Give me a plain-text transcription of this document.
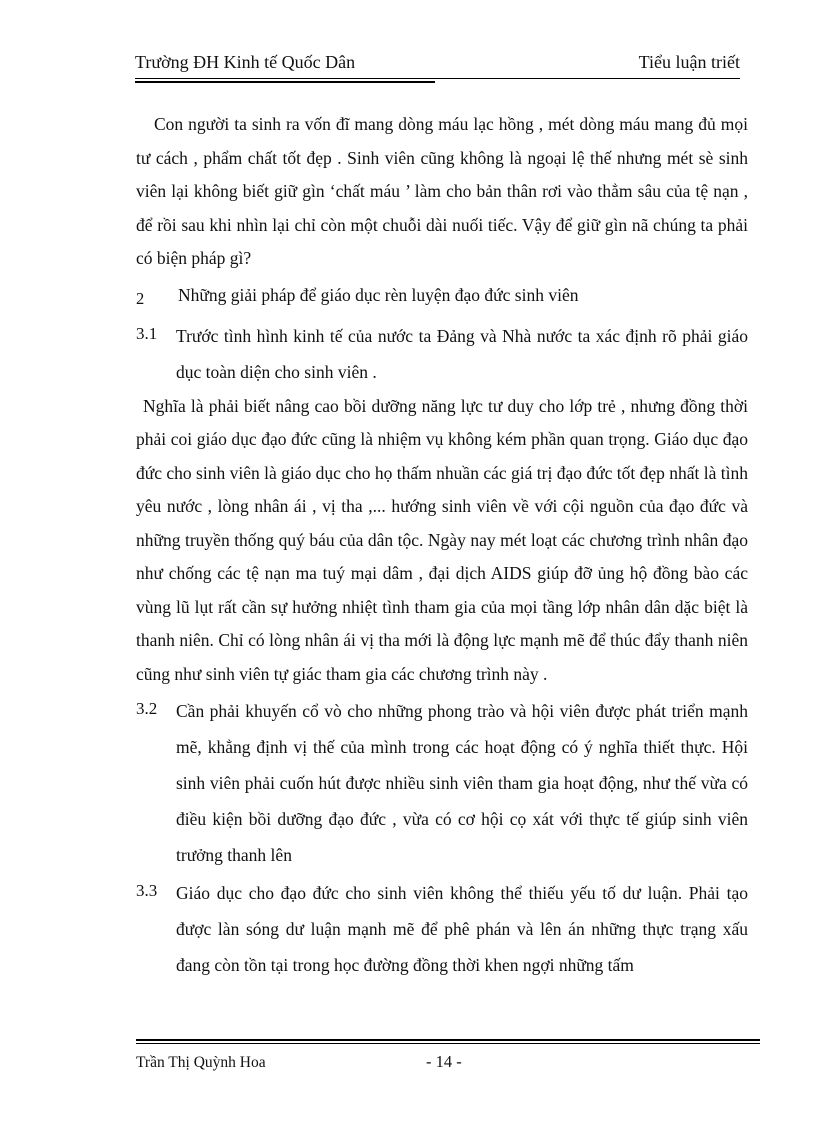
Trường ĐH Kinh tế Quốc Dân	Tiểu luận triết

Con người ta sinh ra vốn đĩ mang dòng máu lạc hồng , mét dòng máu mang đủ mọi tư cách , phẩm chất tốt đẹp . Sinh viên cũng không là ngoại lệ thế nhưng mét sè sinh viên lại không biết giữ gìn ‘chất máu ’ làm cho bản thân rơi vào thẳm sâu của tệ nạn , để rồi sau khi nhìn lại chỉ còn một chuỗi dài nuối tiếc. Vậy để giữ gìn nã chúng ta phải có biện pháp gì?

2	Những giải pháp để giáo dục rèn luyện đạo đức sinh viên
3.1	Trước tình hình kinh tế của nước ta Đảng và Nhà nước ta xác định rõ phải giáo dục toàn diện cho sinh viên .

Nghĩa là phải biết nâng cao bồi dưỡng năng lực tư duy cho lớp trẻ , nhưng đồng thời phải coi giáo dục đạo đức cũng là nhiệm vụ không kém phần quan trọng. Giáo dục đạo đức cho sinh viên là giáo dục cho họ thấm nhuần các giá trị đạo đức tốt đẹp nhất là tình yêu nước , lòng nhân ái , vị tha ,... hướng sinh viên về với cội nguồn của đạo đức và những truyền thống quý báu của dân tộc. Ngày nay mét loạt các chương trình nhân đạo như chống các tệ nạn ma tuý mại dâm , đại dịch AIDS giúp đỡ ủng hộ đồng bào các vùng lũ lụt rất cần sự hưởng nhiệt tình tham gia của mọi tầng lớp nhân dân dặc biệt là thanh niên. Chỉ có lòng nhân ái vị tha mới là động lực mạnh mẽ để thúc đẩy thanh niên cũng như sinh viên tự giác tham gia các chương trình này .

3.2	Cần phải khuyến cổ vò cho những phong trào và hội viên được phát triển mạnh mẽ, khẳng định vị thế của mình trong các hoạt động có ý nghĩa thiết thực. Hội sinh viên phải cuốn hút được nhiều sinh viên tham gia hoạt động, như thế vừa có điều kiện bồi dưỡng đạo đức , vừa có cơ hội cọ xát với thực tế giúp sinh viên trưởng thanh lên
3.3	Giáo dục cho đạo đức cho sinh viên không thể thiếu yếu tố dư luận. Phải tạo được làn sóng dư luận mạnh mẽ để phê phán và lên án những thực trạng xấu đang còn tồn tại trong học đường đồng thời khen ngợi những tấm
Trần Thị Quỳnh Hoa	- 14 -
